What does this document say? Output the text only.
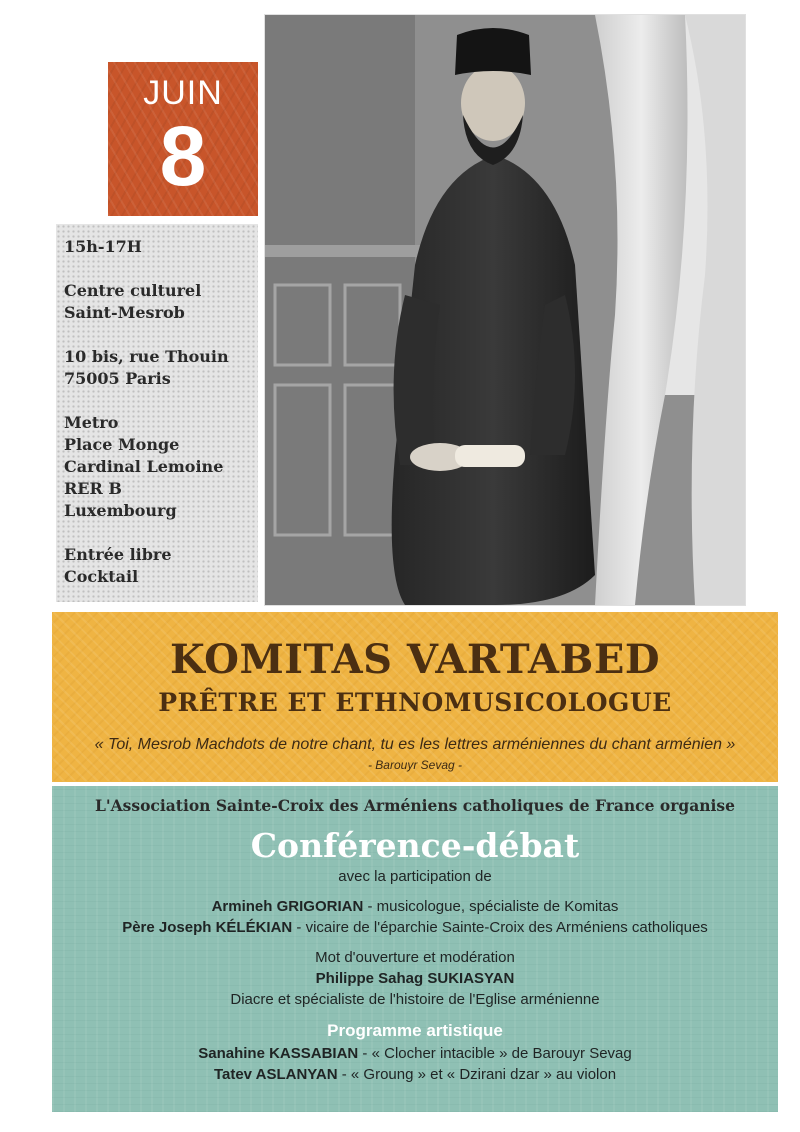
JUIN
8
15h-17H
Centre culturel
Saint-Mesrob
10 bis, rue Thouin
75005 Paris
Metro
Place Monge
Cardinal Lemoine
RER B
Luxembourg
Entrée libre
Cocktail
KOMITAS VARTABED
PRÊTRE ET ETHNOMUSICOLOGUE
« Toi, Mesrob Machdots de notre chant, tu es les lettres arméniennes du chant arménien »
- Barouyr Sevag -
L'Association Sainte-Croix des Arméniens catholiques de France organise
Conférence-débat
avec la participation de
Armineh GRIGORIAN - musicologue, spécialiste de Komitas
Père Joseph KÉLÉKIAN - vicaire de l'éparchie Sainte-Croix des Arméniens catholiques
Mot d'ouverture et modération
Philippe Sahag SUKIASYAN
Diacre et spécialiste de l'histoire de l'Eglise arménienne
Programme artistique
Sanahine KASSABIAN - « Clocher intacible » de Barouyr Sevag
Tatev ASLANYAN - « Groung » et « Dzirani dzar » au violon
